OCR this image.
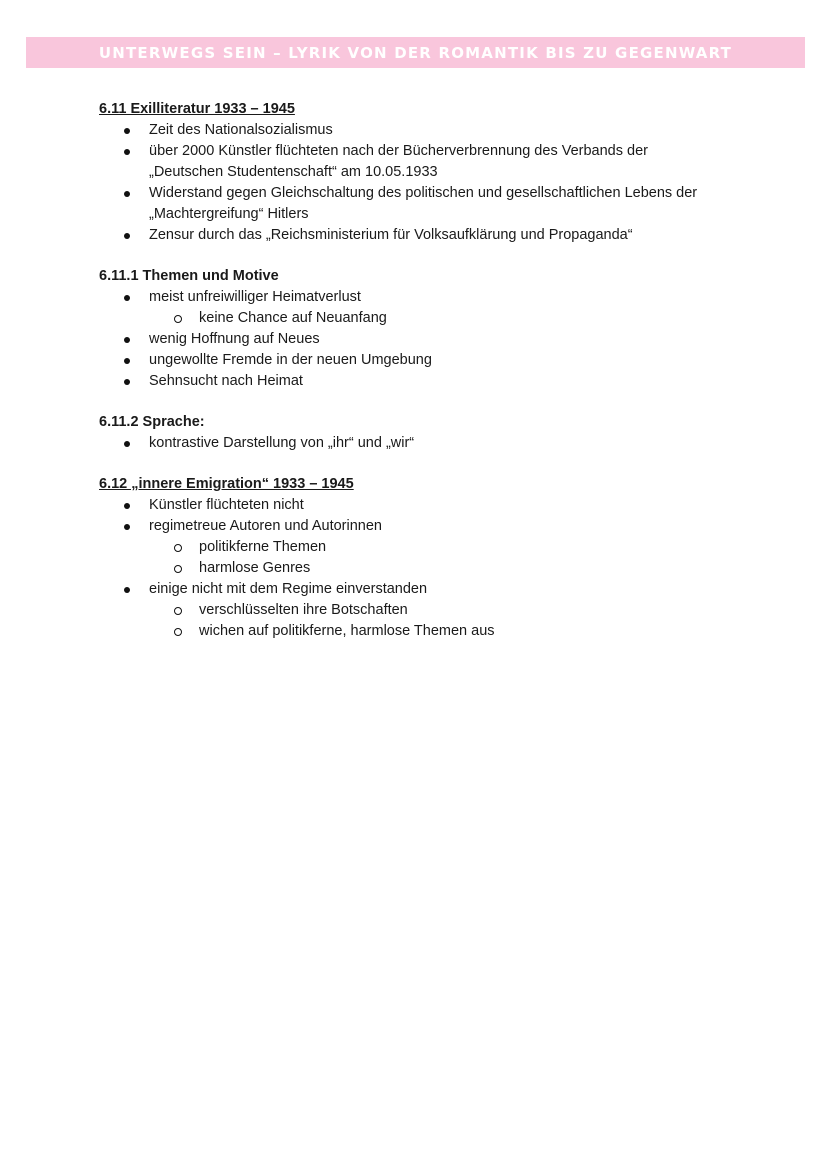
UNTERWEGS SEIN – LYRIK VON DER ROMANTIK BIS ZU GEGENWART
6.11 Exilliteratur 1933 – 1945
Zeit des Nationalsozialismus
über 2000 Künstler flüchteten nach der Bücherverbrennung des Verbands der
„Deutschen Studentenschaft“ am 10.05.1933
Widerstand gegen Gleichschaltung des politischen und gesellschaftlichen Lebens der
„Machtergreifung“ Hitlers
Zensur durch das „Reichsministerium für Volksaufklärung und Propaganda“
6.11.1 Themen und Motive
meist unfreiwilliger Heimatverlust
keine Chance auf Neuanfang
wenig Hoffnung auf Neues
ungewollte Fremde in der neuen Umgebung
Sehnsucht nach Heimat
6.11.2 Sprache:
kontrastive Darstellung von „ihr“ und „wir“
6.12 „innere Emigration“ 1933 – 1945
Künstler flüchteten nicht
regimetreue Autoren und Autorinnen
politikferne Themen
harmlose Genres
einige nicht mit dem Regime einverstanden
verschlüsselten ihre Botschaften
wichen auf politikferne, harmlose Themen aus
